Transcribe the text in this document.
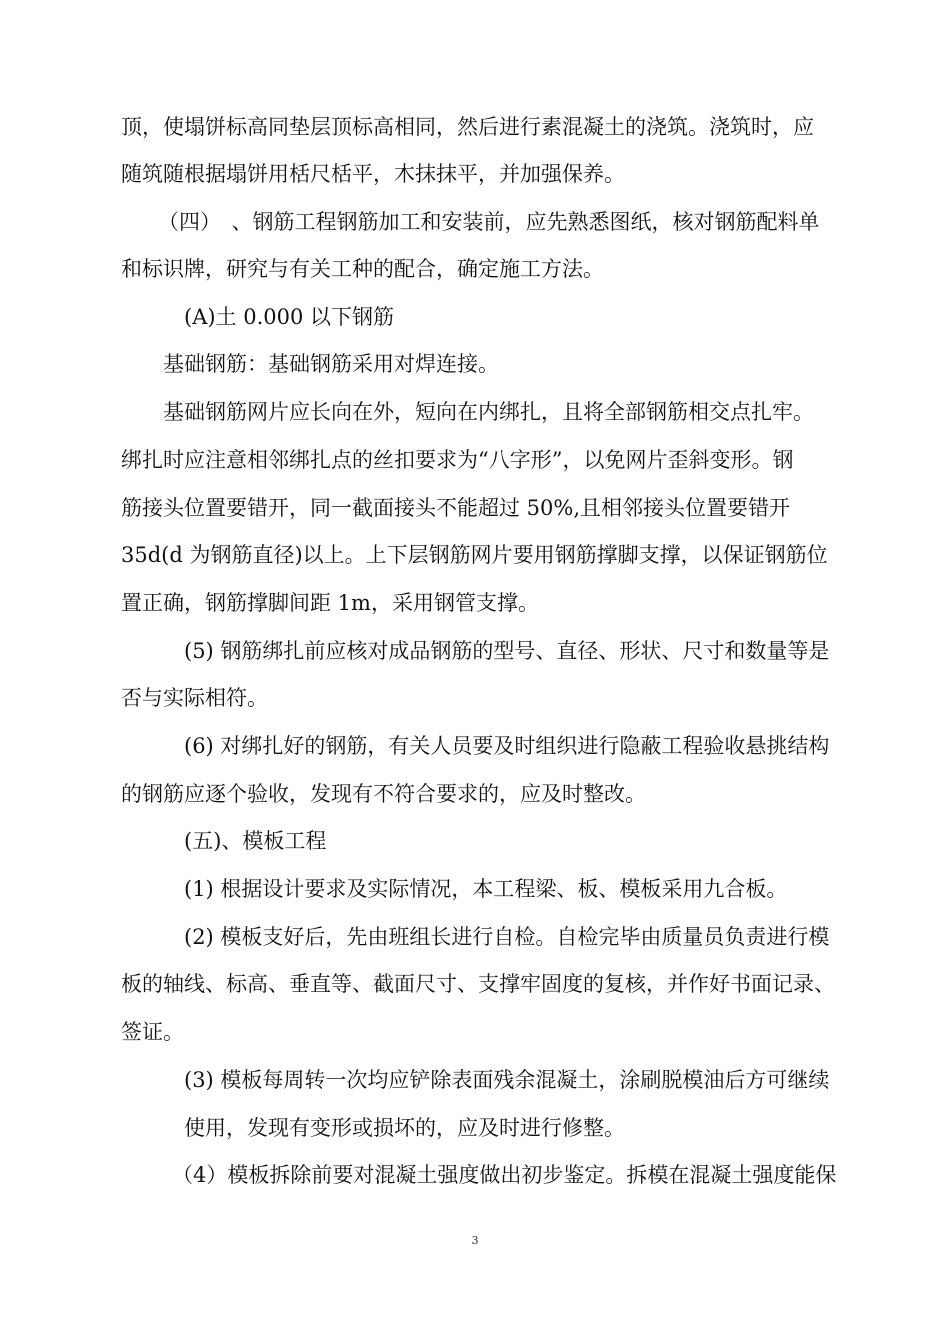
顶，使塌饼标高同垫层顶标高相同，然后进行素混凝土的浇筑。浇筑时，应
随筑随根据塌饼用栝尺栝平，木抹抹平，并加强保养。
（四）　、钢筋工程钢筋加工和安装前，应先熟悉图纸，核对钢筋配料单
和标识牌，研究与有关工种的配合，确定施工方法。
(A)土 0.000 以下钢筋
基础钢筋：基础钢筋采用对焊连接。
基础钢筋网片应长向在外，短向在内绑扎，且将全部钢筋相交点扎牢。
绑扎时应注意相邻绑扎点的丝扣要求为“八字形”，以免网片歪斜变形。钢
筋接头位置要错开，同一截面接头不能超过 50%,且相邻接头位置要错开
35d(d 为钢筋直径)以上。上下层钢筋网片要用钢筋撑脚支撑，以保证钢筋位
置正确，钢筋撑脚间距 1m，采用钢管支撑。
(5) 钢筋绑扎前应核对成品钢筋的型号、直径、形状、尺寸和数量等是
否与实际相符。
(6) 对绑扎好的钢筋，有关人员要及时组织进行隐蔽工程验收悬挑结构
的钢筋应逐个验收，发现有不符合要求的，应及时整改。
(五)、模板工程
(1) 根据设计要求及实际情况，本工程梁、板、模板采用九合板。
(2) 模板支好后，先由班组长进行自检。自检完毕由质量员负责进行模
板的轴线、标高、垂直等、截面尺寸、支撑牢固度的复核，并作好书面记录、
签证。
(3) 模板每周转一次均应铲除表面残余混凝土，涂刷脱模油后方可继续
使用，发现有变形或损坏的，应及时进行修整。
（4）模板拆除前要对混凝土强度做出初步鉴定。拆模在混凝土强度能保
3
